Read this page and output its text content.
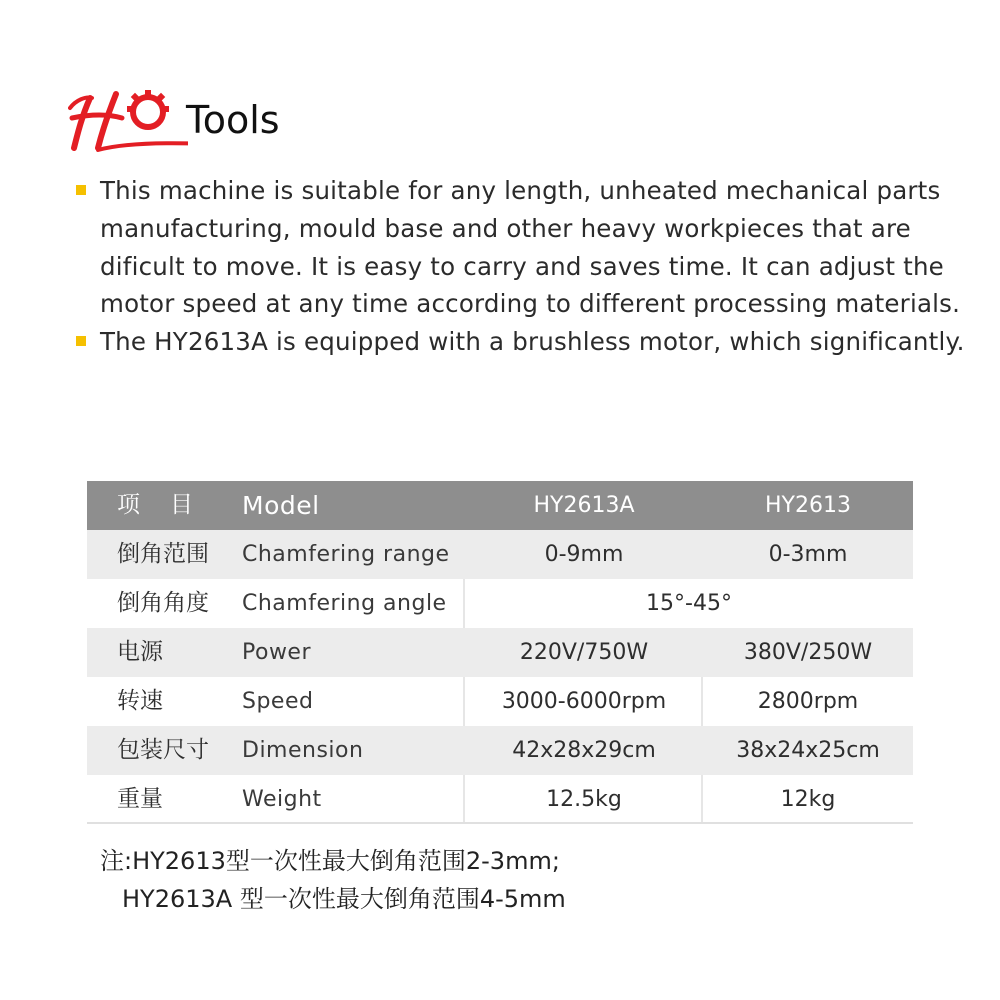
Tools
This machine is suitable for any length, unheated mechanical parts manufacturing, mould base and other heavy workpieces that are dificult to move. It is easy to carry and saves time. It can adjust the motor speed at any time according to different processing materials.
The HY2613A is equipped with a brushless motor, which significantly.
项目 Model	HY2613A	HY2613
倒角范围 Chamfering range	0-9mm	0-3mm
倒角角度 Chamfering angle	15°-45°
电源	Power	220V/750W	380V/250W
转速	Speed	3000-6000rpm	2800rpm
包装尺寸 Dimension	42x28x29cm	38x24x25cm
重量	Weight	12.5kg	12kg
注:HY2613型一次性最大倒角范围2-3mm;
HY2613A 型一次性最大倒角范围4-5mm
